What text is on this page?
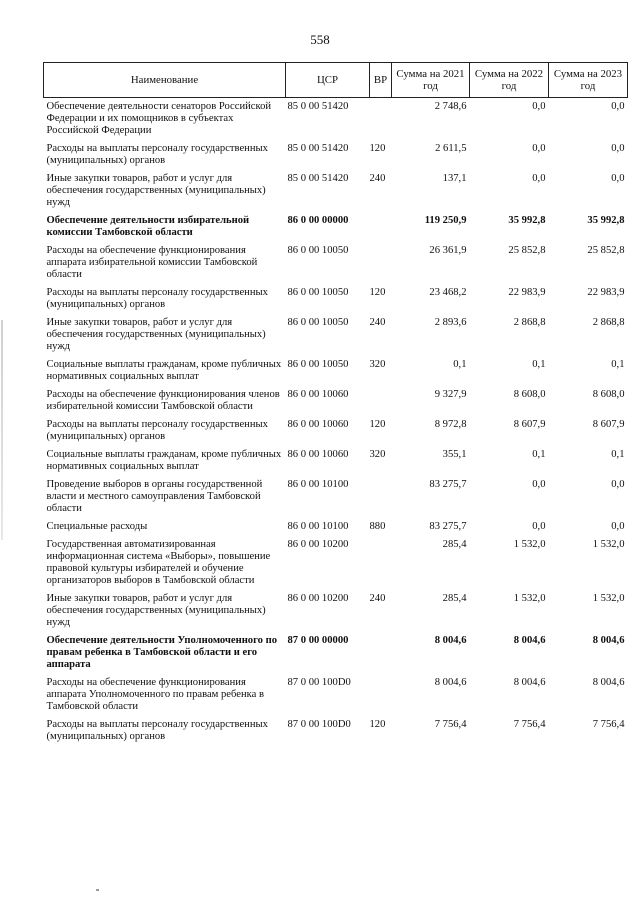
558
Наименование	ЦСР	ВР	Сумма на 2021 год	Сумма на 2022 год	Сумма на 2023 год
Обеспечение деятельности сенаторов Российской Федерации и их помощников в субъектах Российской Федерации	85 0 00 51420		2 748,6	0,0	0,0
Расходы на выплаты персоналу государственных (муниципальных) органов	85 0 00 51420	120	2 611,5	0,0	0,0
Иные закупки товаров, работ и услуг для обеспечения государственных (муниципальных) нужд	85 0 00 51420	240	137,1	0,0	0,0
Обеспечение деятельности избирательной комиссии Тамбовской области	86 0 00 00000		119 250,9	35 992,8	35 992,8
Расходы на обеспечение функционирования аппарата избирательной комиссии Тамбовской области	86 0 00 10050		26 361,9	25 852,8	25 852,8
Расходы на выплаты персоналу государственных (муниципальных) органов	86 0 00 10050	120	23 468,2	22 983,9	22 983,9
Иные закупки товаров, работ и услуг для обеспечения государственных (муниципальных) нужд	86 0 00 10050	240	2 893,6	2 868,8	2 868,8
Социальные выплаты гражданам, кроме публичных нормативных социальных выплат	86 0 00 10050	320	0,1	0,1	0,1
Расходы на обеспечение функционирования членов избирательной комиссии Тамбовской области	86 0 00 10060		9 327,9	8 608,0	8 608,0
Расходы на выплаты персоналу государственных (муниципальных) органов	86 0 00 10060	120	8 972,8	8 607,9	8 607,9
Социальные выплаты гражданам, кроме публичных нормативных социальных выплат	86 0 00 10060	320	355,1	0,1	0,1
Проведение выборов в органы государственной власти и местного самоуправления Тамбовской области	86 0 00 10100		83 275,7	0,0	0,0
Специальные расходы	86 0 00 10100	880	83 275,7	0,0	0,0
Государственная автоматизированная информационная система «Выборы», повышение правовой культуры избирателей и обучение организаторов выборов в Тамбовской области	86 0 00 10200		285,4	1 532,0	1 532,0
Иные закупки товаров, работ и услуг для обеспечения государственных (муниципальных) нужд	86 0 00 10200	240	285,4	1 532,0	1 532,0
Обеспечение деятельности Уполномоченного по правам ребенка в Тамбовской области и его аппарата	87 0 00 00000		8 004,6	8 004,6	8 004,6
Расходы на обеспечение функционирования аппарата Уполномоченного по правам ребенка в Тамбовской области	87 0 00 100D0		8 004,6	8 004,6	8 004,6
Расходы на выплаты персоналу государственных (муниципальных) органов	87 0 00 100D0	120	7 756,4	7 756,4	7 756,4
